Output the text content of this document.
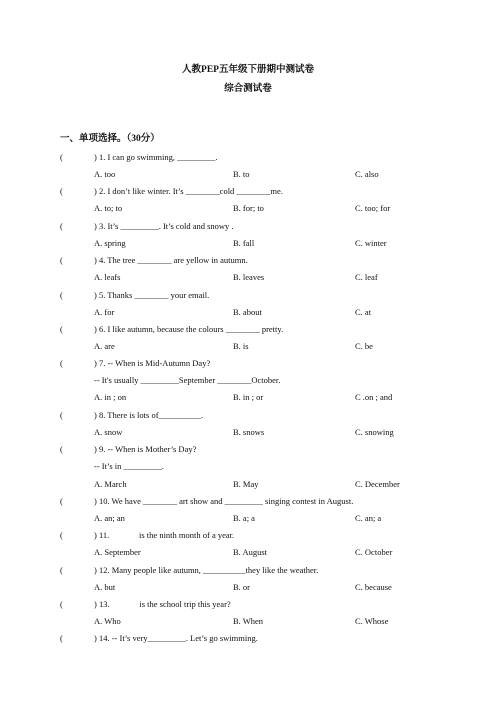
人教PEP五年级下册期中测试卷
综合测试卷
一、单项选择。（30分）
(	) 1. I can go swimming, _________.
A. too	B. to	C. also
(	) 2. I don’t like winter. It’s ________cold ________me.
A. to; to	B. for; to	C. too; for
(	) 3. It’s _________. It’s cold and snowy .
A. spring	B. fall	C. winter
(	) 4. The tree ________ are yellow in autumn.
A. leafs	B. leaves	C. leaf
(	) 5. Thanks ________ your email.
A. for	B. about	C. at
(	) 6. I like autumn, because the colours ________ pretty.
A. are	B. is	C. be
(	) 7. -- When is Mid-Autumn Day?
-- It's usually _________September ________October.
A. in ; on	B. in ; or	C .on ; and
(	) 8. There is lots of__________.
A. snow	B. snows	C. snowing
(	) 9. -- When is Mother’s Day?
-- It’s in _________.
A. March	B. May	C. December
(	) 10. We have ________ art show and _________ singing contest in August.
A. an; an	B. a; a	C. an; a
(	) 11.              is the ninth month of a year.
A. September	B. August	C. October
(	) 12. Many people like autumn, __________they like the weather.
A. but	B. or	C. because
(	) 13.              is the school trip this year?
A. Who	B. When	C. Whose
(	) 14. -- It’s very_________. Let’s go swimming.
